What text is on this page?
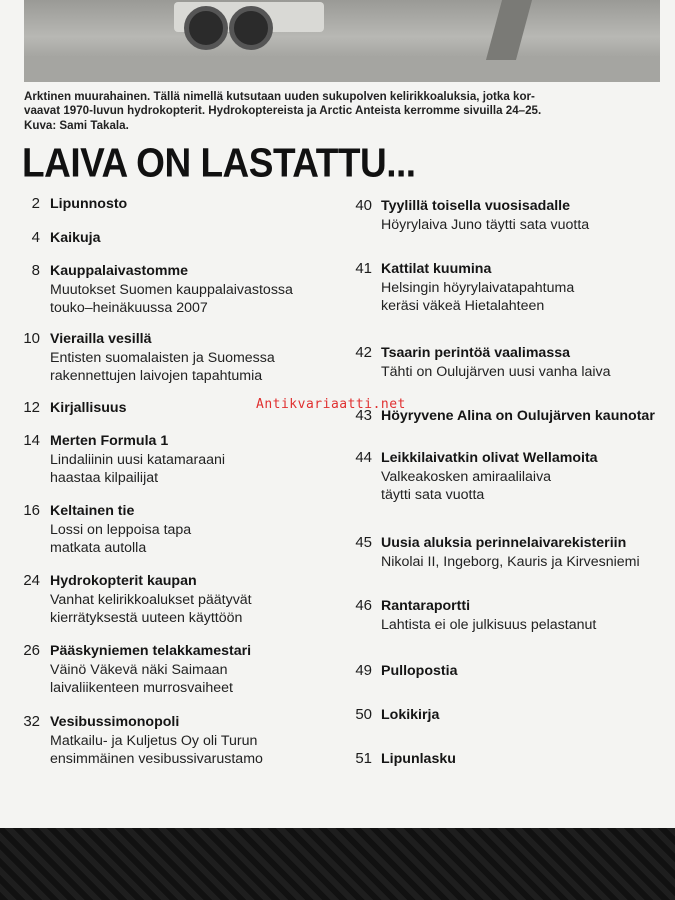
Arktinen muurahainen. Tällä nimellä kutsutaan uuden sukupolven kelirikkoaluksia, jotka kor-
vaavat 1970-luvun hydrokopterit. Hydrokoptereista ja Arctic Anteista kerromme sivuilla 24–25.
Kuva: Sami Takala.
LAIVA ON LASTATTU...
2 Lipunnosto
4 Kaikuja
8 Kauppalaivastomme
Muutokset Suomen kauppalaivastossa
touko–heinäkuussa 2007
10 Vierailla vesillä
Entisten suomalaisten ja Suomessa
rakennettujen laivojen tapahtumia
12 Kirjallisuus
14 Merten Formula 1
Lindaliinin uusi katamaraani
haastaa kilpailijat
16 Keltainen tie
Lossi on leppoisa tapa
matkata autolla
24 Hydrokopterit kaupan
Vanhat kelirikkoalukset päätyvät
kierrätyksestä uuteen käyttöön
26 Pääskyniemen telakkamestari
Väinö Väkevä näki Saimaan
laivaliikenteen murrosvaiheet
32 Vesibussimonopoli
Matkailu- ja Kuljetus Oy oli Turun
ensimmäinen vesibussivarustamo
40 Tyylillä toisella vuosisadalle
Höyrylaiva Juno täytti sata vuotta
41 Kattilat kuumina
Helsingin höyrylaivatapahtuma
keräsi väkeä Hietalahteen
42 Tsaarin perintöä vaalimassa
Tähti on Oulujärven uusi vanha laiva
43 Höyryvene Alina on Oulujärven kaunotar
44 Leikkilaivatkin olivat Wellamoita
Valkeakosken amiraalilaiva
täytti sata vuotta
45 Uusia aluksia perinnelaivarekisteriin
Nikolai II, Ingeborg, Kauris ja Kirvesniemi
46 Rantaraportti
Lahtista ei ole julkisuus pelastanut
49 Pullopostia
50 Lokikirja
51 Lipunlasku
Antikvariaatti.net
